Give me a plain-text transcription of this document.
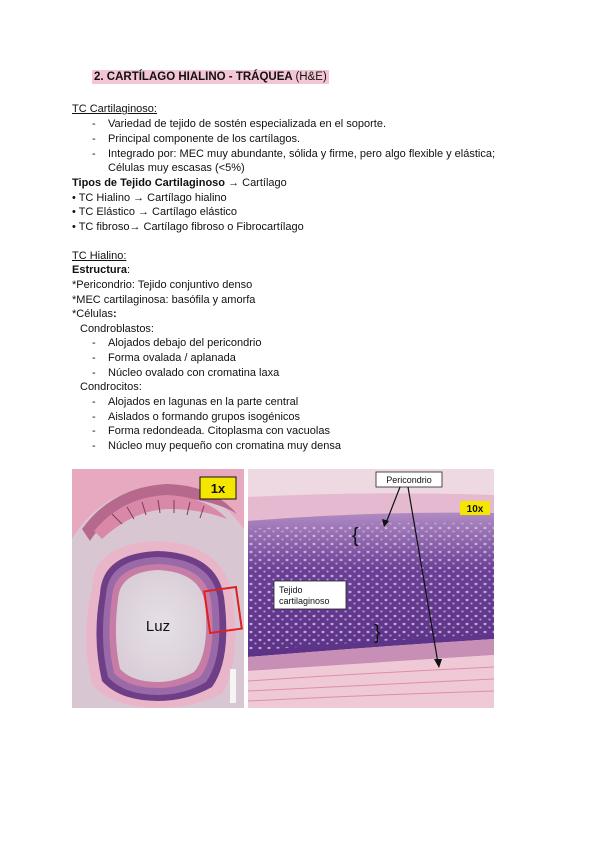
2. CARTÍLAGO HIALINO - TRÁQUEA (H&E)
TC Cartilaginoso:
- Variedad de tejido de sostén especializada en el soporte.
- Principal componente de los cartílagos.
- Integrado por: MEC muy abundante, sólida y firme, pero algo flexible y elástica;
Células muy escasas (<5%)
Tipos de Tejido Cartilaginoso → Cartílago
• TC Hialino → Cartílago hialino
• TC Elástico → Cartílago elástico
• TC fibroso→ Cartílago fibroso o Fibrocartílago
TC Hialino:
Estructura:
*Pericondrio: Tejido conjuntivo denso
*MEC cartilaginosa: basófila y amorfa
*Células:
Condroblastos:
- Alojados debajo del pericondrio
- Forma ovalada / aplanada
- Núcleo ovalado con cromatina laxa
Condrocitos:
- Alojados en lagunas en la parte central
- Aislados o formando grupos isogénicos
- Forma redondeada. Citoplasma con vacuolas
- Núcleo muy pequeño con cromatina muy densa
1x
Luz
10x
Pericondrio
{
}
Tejido
cartilaginoso
